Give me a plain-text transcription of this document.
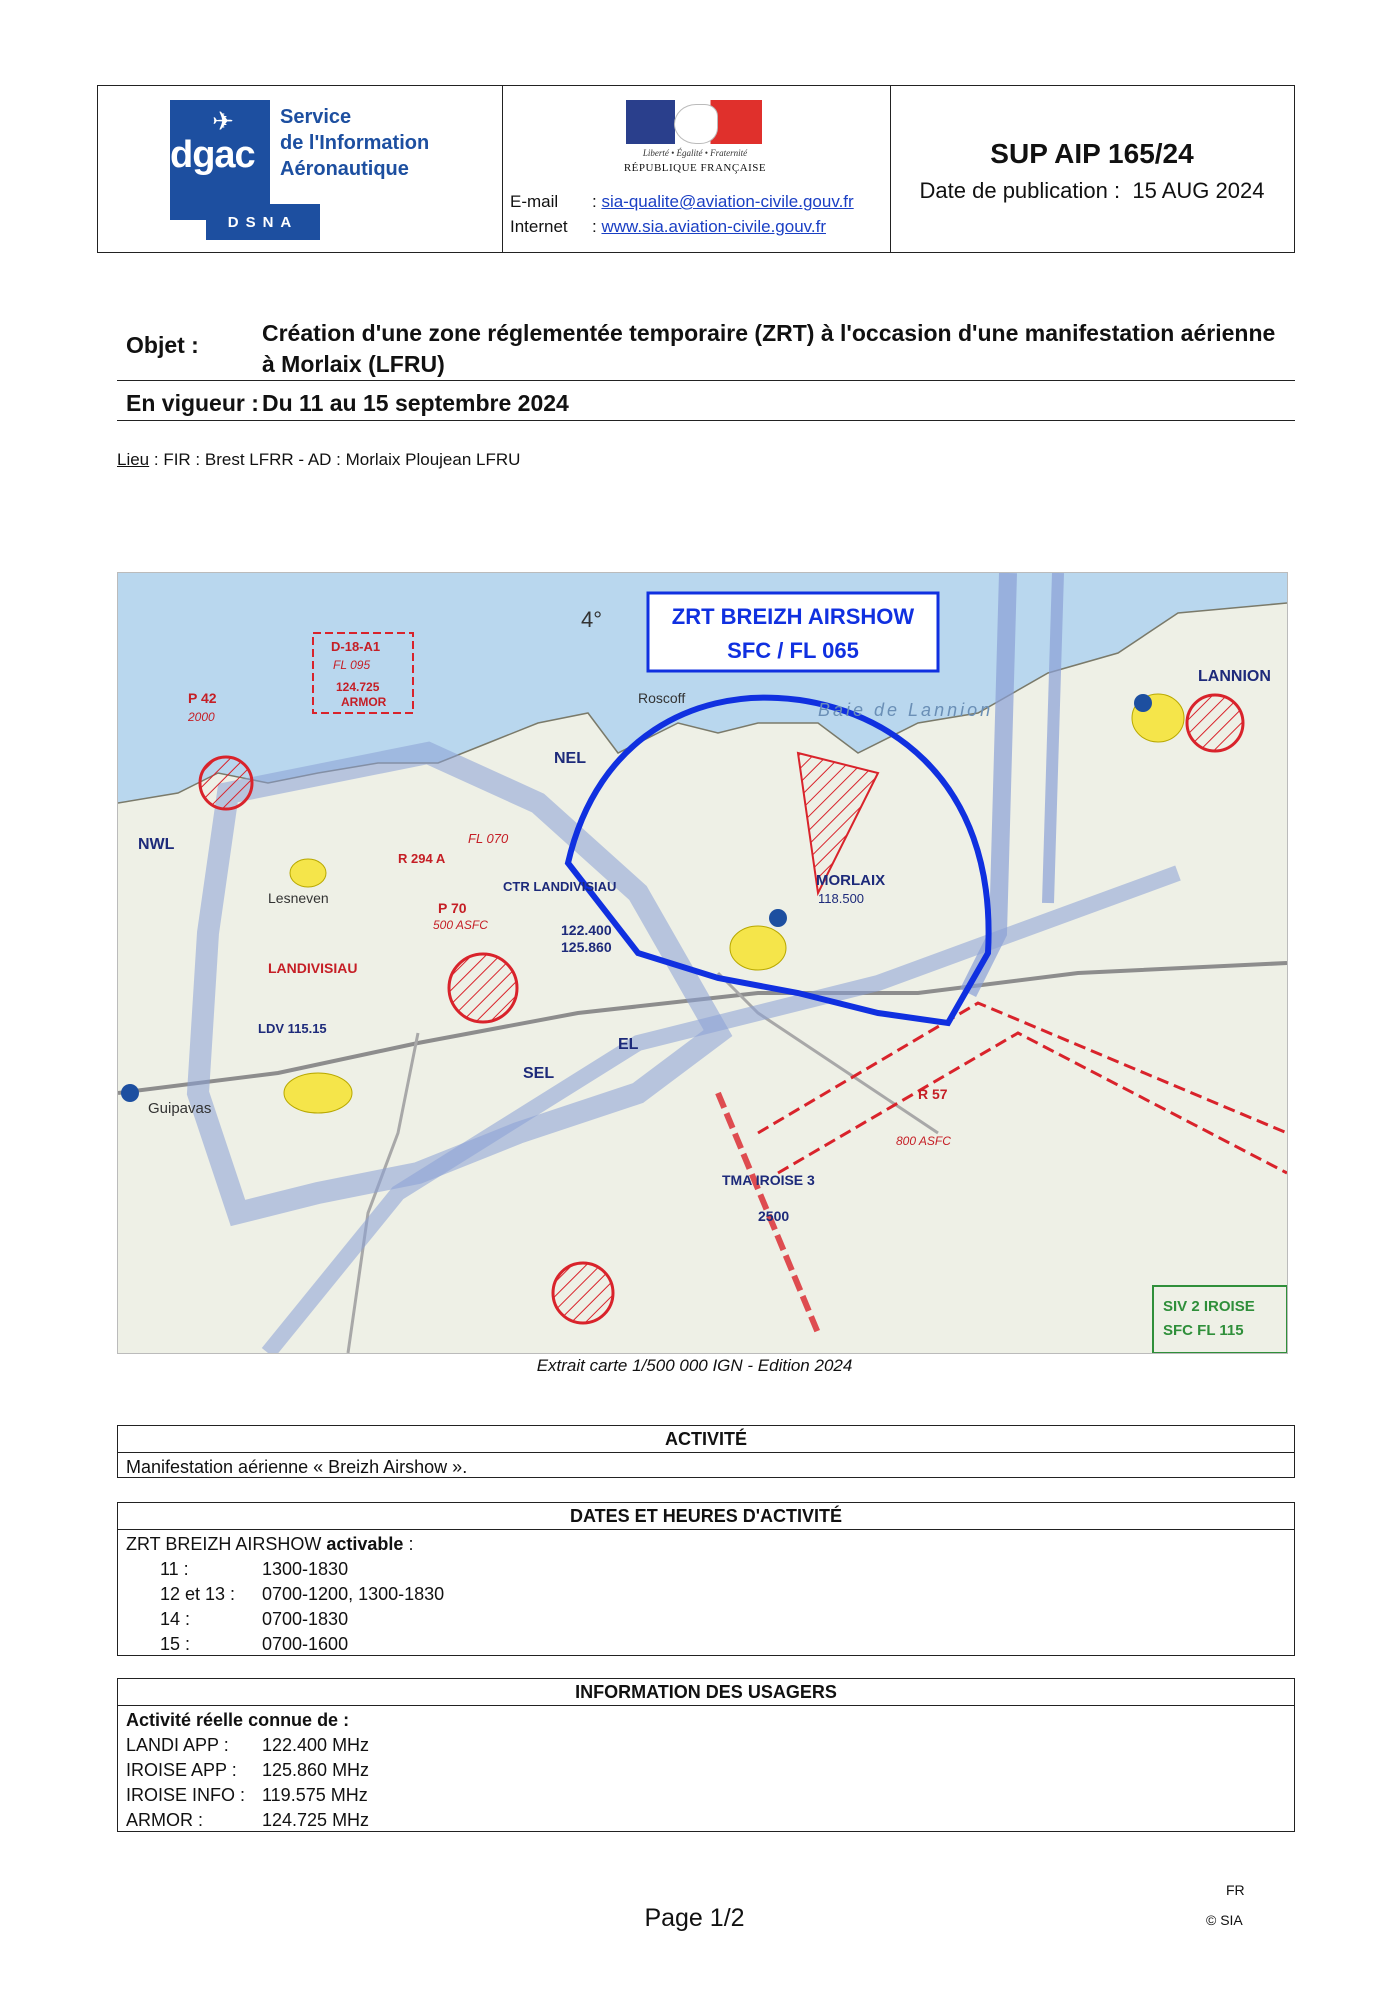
✈
dgac
DSNA
Service
de l'Information
Aéronautique
Liberté • Égalité • Fraternité
RÉPUBLIQUE FRANÇAISE
E-mail : sia-qualite@aviation-civile.gouv.fr
Internet : www.sia.aviation-civile.gouv.fr
SUP AIP 165/24
Date de publication : 15 AUG 2024
Objet :	Création d'une zone réglementée temporaire (ZRT) à l'occasion d'une manifestation aérienne à Morlaix (LFRU)
En vigueur : Du 11 au 15 septembre 2024
Lieu : FIR : Brest LFRR - AD : Morlaix Ploujean LFRU
4°
Baie de Lannion
MORLAIX
118.500
LANNION
LANDIVISIAU
CTR LANDIVISIAU
122.400
125.860
D-18-A1
FL 095
124.725
ARMOR
P 42
2000
P 70
500 ASFC
R 294 A
FL 070
TMA IROISE 3
2500
R 57
800 ASFC
SIV 2 IROISE
SFC FL 115
LDV 115.15
NWL
SEL
EL
NEL
Guipavas
Lesneven
Roscoff
ZRT BREIZH AIRSHOW
SFC / FL 065
Extrait carte 1/500 000 IGN - Edition 2024
ACTIVITÉ
Manifestation aérienne « Breizh Airshow ».
DATES ET HEURES D'ACTIVITÉ
ZRT BREIZH AIRSHOW activable :
11 :	1300-1830
12 et 13 : 0700-1200, 1300-1830
14 :	0700-1830
15 :	0700-1600
INFORMATION DES USAGERS
Activité réelle connue de :
LANDI APP : 122.400 MHz
IROISE APP : 125.860 MHz
IROISE INFO : 119.575 MHz
ARMOR :	124.725 MHz
FR
Page 1/2	© SIA
